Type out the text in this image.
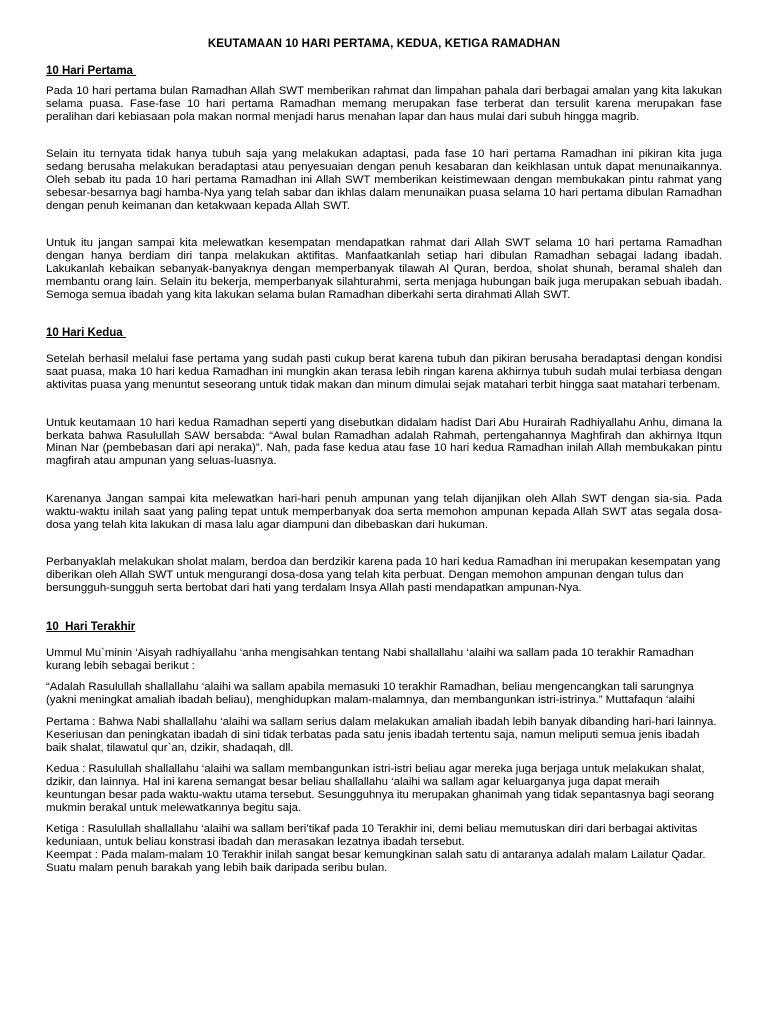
KEUTAMAAN 10 HARI PERTAMA, KEDUA, KETIGA RAMADHAN
10 Hari Pertama

Pada 10 hari pertama bulan Ramadhan Allah SWT memberikan rahmat dan limpahan pahala dari berbagai amalan yang kita lakukan selama puasa. Fase-fase 10 hari pertama Ramadhan memang merupakan fase terberat dan tersulit karena merupakan fase peralihan dari kebiasaan pola makan normal menjadi harus menahan lapar dan haus mulai dari subuh hingga magrib.

Selain itu ternyata tidak hanya tubuh saja yang melakukan adaptasi, pada fase 10 hari pertama Ramadhan ini pikiran kita juga sedang berusaha melakukan beradaptasi atau penyesuaian dengan penuh kesabaran dan keikhlasan untuk dapat menunaikannya. Oleh sebab itu pada 10 hari pertama Ramadhan ini Allah SWT memberikan keistimewaan dengan membukakan pintu rahmat yang sebesar-besarnya bagi hamba-Nya yang telah sabar dan ikhlas dalam menunaikan puasa selama 10 hari pertama dibulan Ramadhan dengan penuh keimanan dan ketakwaan kepada Allah SWT.

Untuk itu jangan sampai kita melewatkan kesempatan mendapatkan rahmat dari Allah SWT selama 10 hari pertama Ramadhan dengan hanya berdiam diri tanpa melakukan aktifitas. Manfaatkanlah setiap hari dibulan Ramadhan sebagai ladang ibadah. Lakukanlah kebaikan sebanyak-banyaknya dengan memperbanyak tilawah Al Quran, berdoa, sholat shunah, beramal shaleh dan membantu orang lain. Selain itu bekerja, memperbanyak silahturahmi, serta menjaga hubungan baik juga merupakan sebuah ibadah. Semoga semua ibadah yang kita lakukan selama bulan Ramadhan diberkahi serta dirahmati Allah SWT.

10 Hari Kedua

Setelah berhasil melalui fase pertama yang sudah pasti cukup berat karena tubuh dan pikiran berusaha beradaptasi dengan kondisi saat puasa, maka 10 hari kedua Ramadhan ini mungkin akan terasa lebih ringan karena akhirnya tubuh sudah mulai terbiasa dengan aktivitas puasa yang menuntut seseorang untuk tidak makan dan minum dimulai sejak matahari terbit hingga saat matahari terbenam.

Untuk keutamaan 10 hari kedua Ramadhan seperti yang disebutkan didalam hadist Dari Abu Hurairah Radhiyallahu Anhu, dimana la berkata bahwa Rasulullah SAW bersabda: “Awal bulan Ramadhan adalah Rahmah, pertengahannya Maghfirah dan akhirnya Itqun Minan Nar (pembebasan dari api neraka)”. Nah, pada fase kedua atau fase 10 hari kedua Ramadhan inilah Allah membukakan pintu magfirah atau ampunan yang seluas-luasnya.

Karenanya Jangan sampai kita melewatkan hari-hari penuh ampunan yang telah dijanjikan oleh Allah SWT dengan sia-sia. Pada waktu-waktu inilah saat yang paling tepat untuk memperbanyak doa serta memohon ampunan kepada Allah SWT atas segala dosa-dosa yang telah kita lakukan di masa lalu agar diampuni dan dibebaskan dari hukuman.

Perbanyaklah melakukan sholat malam, berdoa dan berdzikir karena pada 10 hari kedua Ramadhan ini merupakan kesempatan yang diberikan oleh Allah SWT untuk mengurangi dosa-dosa yang telah kita perbuat. Dengan memohon ampunan dengan tulus dan bersungguh-sungguh serta bertobat dari hati yang terdalam Insya Allah pasti mendapatkan ampunan-Nya.

10  Hari Terakhir

Ummul Mu`minin ‘Aisyah radhiyallahu ‘anha mengisahkan tentang Nabi shallallahu ‘alaihi wa sallam pada 10 terakhir Ramadhan kurang lebih sebagai berikut :

“Adalah Rasulullah shallallahu ‘alaihi wa sallam apabila memasuki 10 terakhir Ramadhan, beliau mengencangkan tali sarungnya (yakni meningkat amaliah ibadah beliau), menghidupkan malam-malamnya, dan membangunkan istri-istrinya.” Muttafaqun ‘alaihi

Pertama : Bahwa Nabi shallallahu ‘alaihi wa sallam serius dalam melakukan amaliah ibadah lebih banyak dibanding hari-hari lainnya. Keseriusan dan peningkatan ibadah di sini tidak terbatas pada satu jenis ibadah tertentu saja, namun meliputi semua jenis ibadah baik shalat, tilawatul qur`an, dzikir, shadaqah, dll.

Kedua : Rasulullah shallallahu ‘alaihi wa sallam membangunkan istri-istri beliau agar mereka juga berjaga untuk melakukan shalat, dzikir, dan lainnya. Hal ini karena semangat besar beliau shallallahu ‘alaihi wa sallam agar keluarganya juga dapat meraih keuntungan besar pada waktu-waktu utama tersebut. Sesungguhnya itu merupakan ghanimah yang tidak sepantasnya bagi seorang mukmin berakal untuk melewatkannya begitu saja.

Ketiga : Rasulullah shallallahu ‘alaihi wa sallam beri’tikaf pada 10 Terakhir ini, demi beliau memutuskan diri dari berbagai aktivitas keduniaan, untuk beliau konstrasi ibadah dan merasakan lezatnya ibadah tersebut.

Keempat : Pada malam-malam 10 Terakhir inilah sangat besar kemungkinan salah satu di antaranya adalah malam Lailatur Qadar. Suatu malam penuh barakah yang lebih baik daripada seribu bulan.
